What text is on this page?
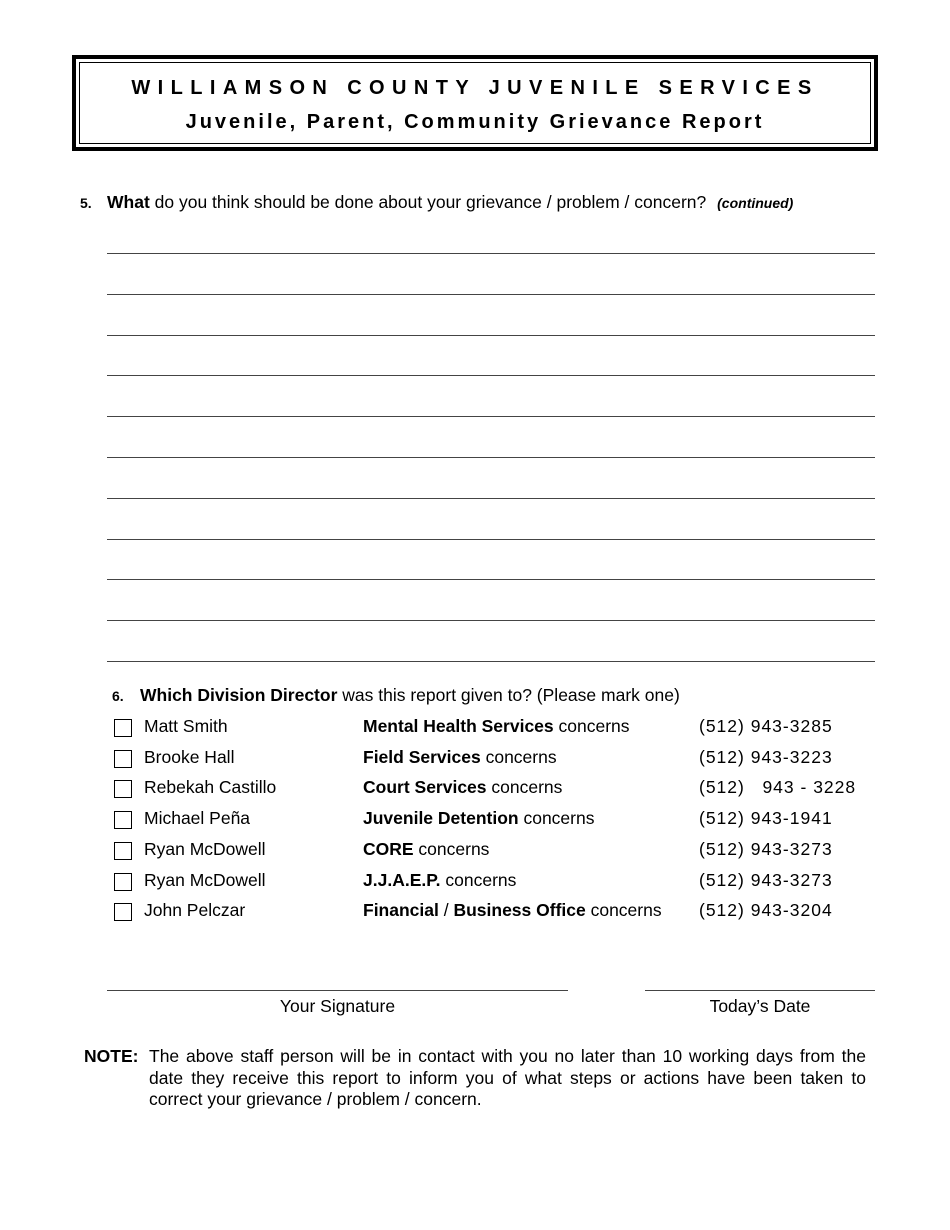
WILLIAMSON COUNTY JUVENILE SERVICES
Juvenile, Parent, Community Grievance Report
5. What do you think should be done about your grievance / problem / concern? (continued)
6. Which Division Director was this report given to? (Please mark one)
Matt Smith	Mental Health Services concerns	(512) 943-3285
Brooke Hall	Field Services concerns	(512) 943-3223
Rebekah Castillo	Court Services concerns	(512)   943 - 3228
Michael Peña	Juvenile Detention concerns	(512) 943-1941
Ryan McDowell	CORE concerns	(512) 943-3273
Ryan McDowell	J.J.A.E.P. concerns	(512) 943-3273
John Pelczar	Financial / Business Office concerns (512) 943-3204
Your Signature	Today’s Date
NOTE: The above staff person will be in contact with you no later than 10 working days from the date they receive this report to inform you of what steps or actions have been taken to correct your grievance / problem / concern.
